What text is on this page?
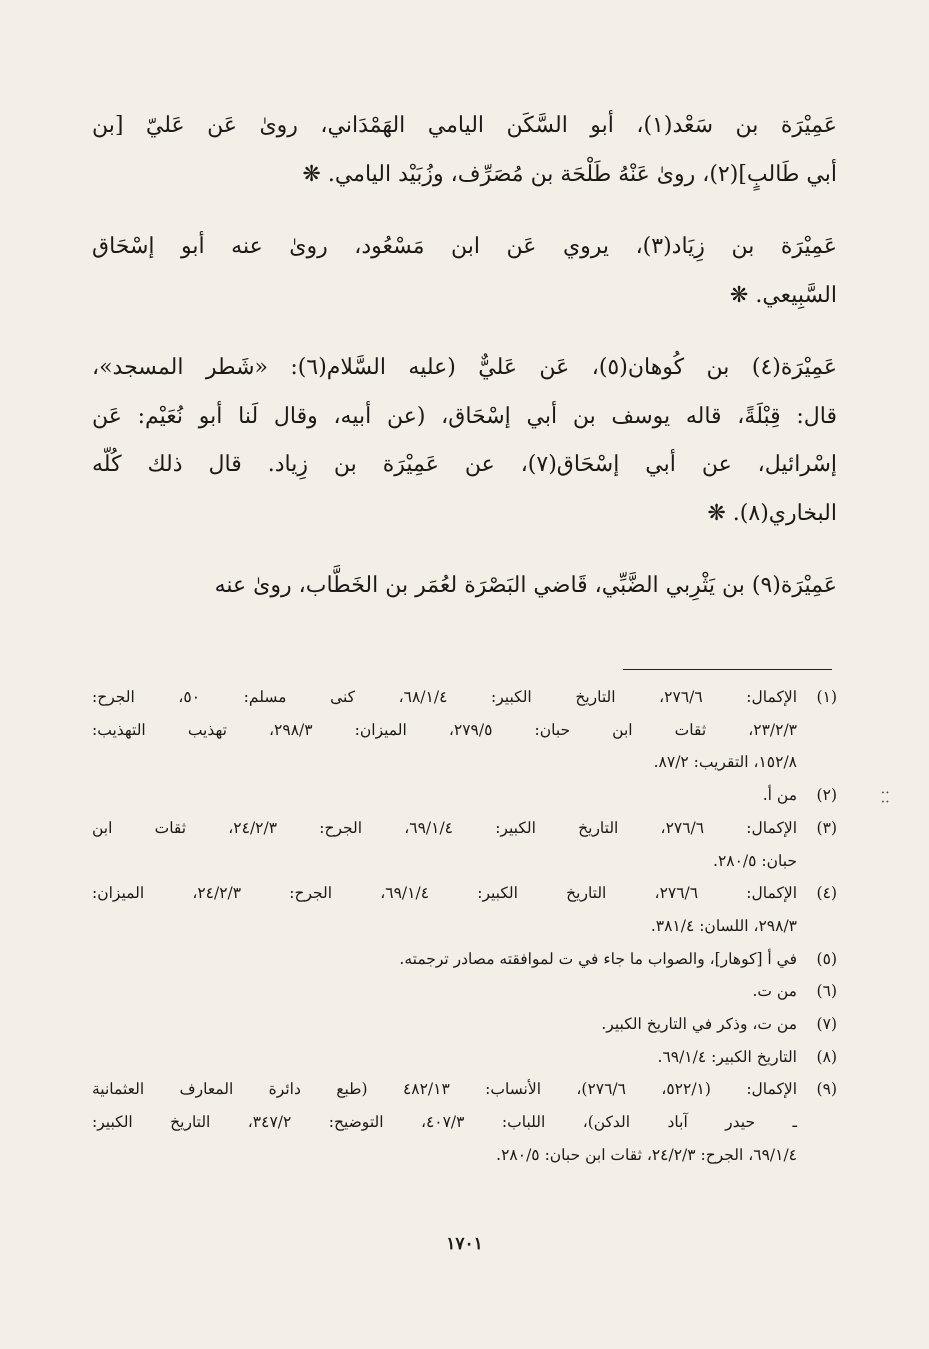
عَمِيْرَة بن سَعْد(١)، أبو السَّكَن اليامي الهَمْدَاني، روىٰ عَن عَليّ [بن

أبي طَالبٍ](٢)، روىٰ عَنْهُ طَلْحَة بن مُصَرِّف، وزُبَيْد اليامي. ❋

عَمِيْرَة بن زِيَاد(٣)، يروي عَن ابن مَسْعُود، روىٰ عنه أبو إسْحَاق

السَّبِيعي. ❋

عَمِيْرَة(٤) بن كُوهان(٥)، عَن عَليٌّ (عليه السَّلام(٦): «شَطر المسجد»،

قال: قِبْلَةً، قاله يوسف بن أبي إسْحَاق، (عن أبيه، وقال لَنا أبو نُعَيْم: عَن

إسْرائيل، عن أبي إسْحَاق(٧)، عن عَمِيْرَة بن زِياد. قال ذلك كُلّه

البخاري(٨). ❋

عَمِيْرَة(٩) بن يَثْرِبي الضَّبِّي، قَاضي البَصْرَة لعُمَر بن الخَطَّاب، روىٰ عنه

(١)
الإكمال: ٢٧٦/٦، التاريخ الكبير: ٦٨/١/٤، كنى مسلم: ٥٠، الجرح:
٢٣/٢/٣، ثقات ابن حبان: ٢٧٩/٥، الميزان: ٢٩٨/٣، تهذيب التهذيب:
١٥٢/٨، التقريب: ٨٧/٢.
(٢)
من أ.
(٣)
الإكمال: ٢٧٦/٦، التاريخ الكبير: ٦٩/١/٤، الجرح: ٢٤/٢/٣، ثقات ابن
حبان: ٢٨٠/٥.
(٤)
الإكمال: ٢٧٦/٦، التاريخ الكبير: ٦٩/١/٤، الجرح: ٢٤/٢/٣، الميزان:
٢٩٨/٣، اللسان: ٣٨١/٤.
(٥)
في أ [كوهار]، والصواب ما جاء في ت لموافقته مصادر ترجمته.
(٦)
من ت.
(٧)
من ت، وذكر في التاريخ الكبير.
(٨)
التاريخ الكبير: ٦٩/١/٤.
(٩)
الإكمال: (٥٢٢/١، ٢٧٦/٦)، الأنساب: ٤٨٢/١٣ (طبع دائرة المعارف العثمانية
ـ حيدر آباد الدكن)، اللباب: ٤٠٧/٣، التوضيح: ٣٤٧/٢، التاريخ الكبير:
٦٩/١/٤، الجرح: ٢٤/٢/٣، ثقات ابن حبان: ٢٨٠/٥.
١٧٠١
: :
